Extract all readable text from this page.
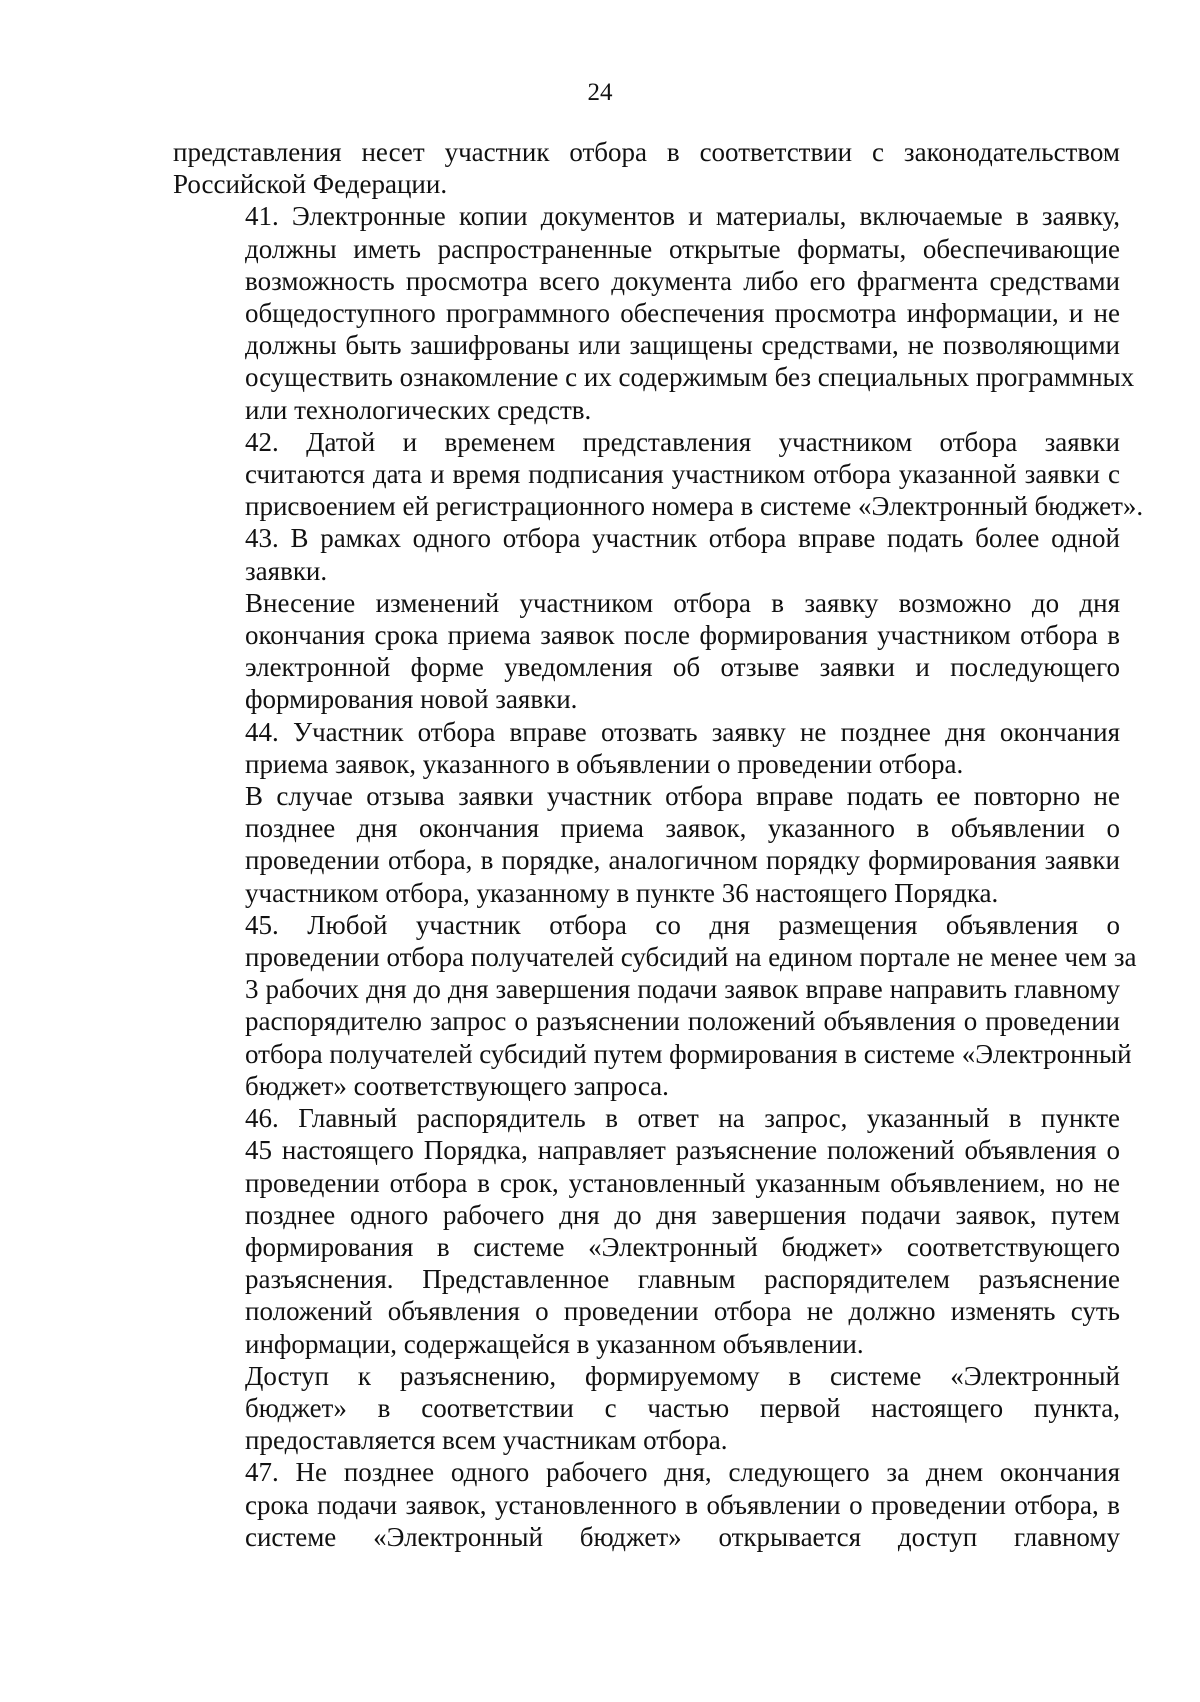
24

представления несет участник отбора в соответствии с законодательством
Российской Федерации.

41. Электронные копии документов и материалы, включаемые в заявку,
должны иметь распространенные открытые форматы, обеспечивающие
возможность просмотра всего документа либо его фрагмента средствами
общедоступного программного обеспечения просмотра информации, и не
должны быть зашифрованы или защищены средствами, не позволяющими
осуществить ознакомление с их содержимым без специальных программных
или технологических средств.

42. Датой и временем представления участником отбора заявки
считаются дата и время подписания участником отбора указанной заявки с
присвоением ей регистрационного номера в системе «Электронный бюджет».

43. В рамках одного отбора участник отбора вправе подать более одной
заявки.

Внесение изменений участником отбора в заявку возможно до дня
окончания срока приема заявок после формирования участником отбора в
электронной форме уведомления об отзыве заявки и последующего
формирования новой заявки.

44. Участник отбора вправе отозвать заявку не позднее дня окончания
приема заявок, указанного в объявлении о проведении отбора.

В случае отзыва заявки участник отбора вправе подать ее повторно не
позднее дня окончания приема заявок, указанного в объявлении о
проведении отбора, в порядке, аналогичном порядку формирования заявки
участником отбора, указанному в пункте 36 настоящего Порядка.

45. Любой участник отбора со дня размещения объявления о
проведении отбора получателей субсидий на едином портале не менее чем за
3 рабочих дня до дня завершения подачи заявок вправе направить главному
распорядителю запрос о разъяснении положений объявления о проведении
отбора получателей субсидий путем формирования в системе «Электронный
бюджет» соответствующего запроса.

46. Главный распорядитель в ответ на запрос, указанный в пункте
45 настоящего Порядка, направляет разъяснение положений объявления о
проведении отбора в срок, установленный указанным объявлением, но не
позднее одного рабочего дня до дня завершения подачи заявок, путем
формирования в системе «Электронный бюджет» соответствующего
разъяснения. Представленное главным распорядителем разъяснение
положений объявления о проведении отбора не должно изменять суть
информации, содержащейся в указанном объявлении.

Доступ к разъяснению, формируемому в системе «Электронный
бюджет» в соответствии с частью первой настоящего пункта,
предоставляется всем участникам отбора.

47. Не позднее одного рабочего дня, следующего за днем окончания
срока подачи заявок, установленного в объявлении о проведении отбора, в
системе «Электронный бюджет» открывается доступ главному
